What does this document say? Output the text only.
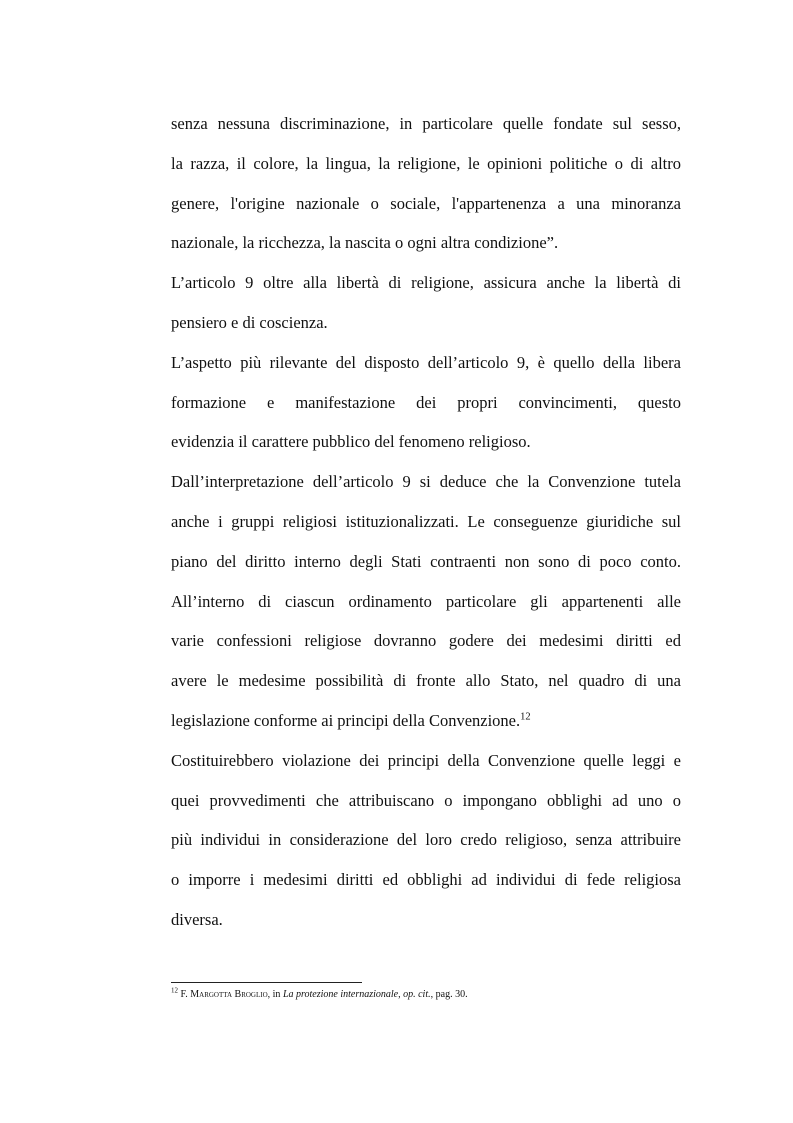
senza nessuna discriminazione, in particolare quelle fondate sul sesso,
la razza, il colore, la lingua, la religione, le opinioni politiche o di altro
genere, l'origine nazionale o sociale, l'appartenenza a una minoranza
nazionale, la ricchezza, la nascita o ogni altra condizione”.
L’articolo 9 oltre alla libertà di religione, assicura anche la libertà di
pensiero e di coscienza.
L’aspetto più rilevante del disposto dell’articolo 9, è quello della libera
formazione e manifestazione dei propri convincimenti, questo
evidenzia il carattere pubblico del fenomeno religioso.
Dall’interpretazione dell’articolo 9 si deduce che la Convenzione tutela
anche i gruppi religiosi istituzionalizzati. Le conseguenze giuridiche sul
piano del diritto interno degli Stati contraenti non sono di poco conto.
All’interno di ciascun ordinamento particolare gli appartenenti alle
varie confessioni religiose dovranno godere dei medesimi diritti ed
avere le medesime possibilità di fronte allo Stato, nel quadro di una
legislazione conforme ai principi della Convenzione.$^{12}$
Costituirebbero violazione dei principi della Convenzione quelle leggi e
quei provvedimenti che attribuiscano o impongano obblighi ad uno o
più individui in considerazione del loro credo religioso, senza attribuire
o imporre i medesimi diritti ed obblighi ad individui di fede religiosa
diversa.
$^{12}$ F. Margotta Broglio, in La protezione internazionale, op. cit., pag. 30.
